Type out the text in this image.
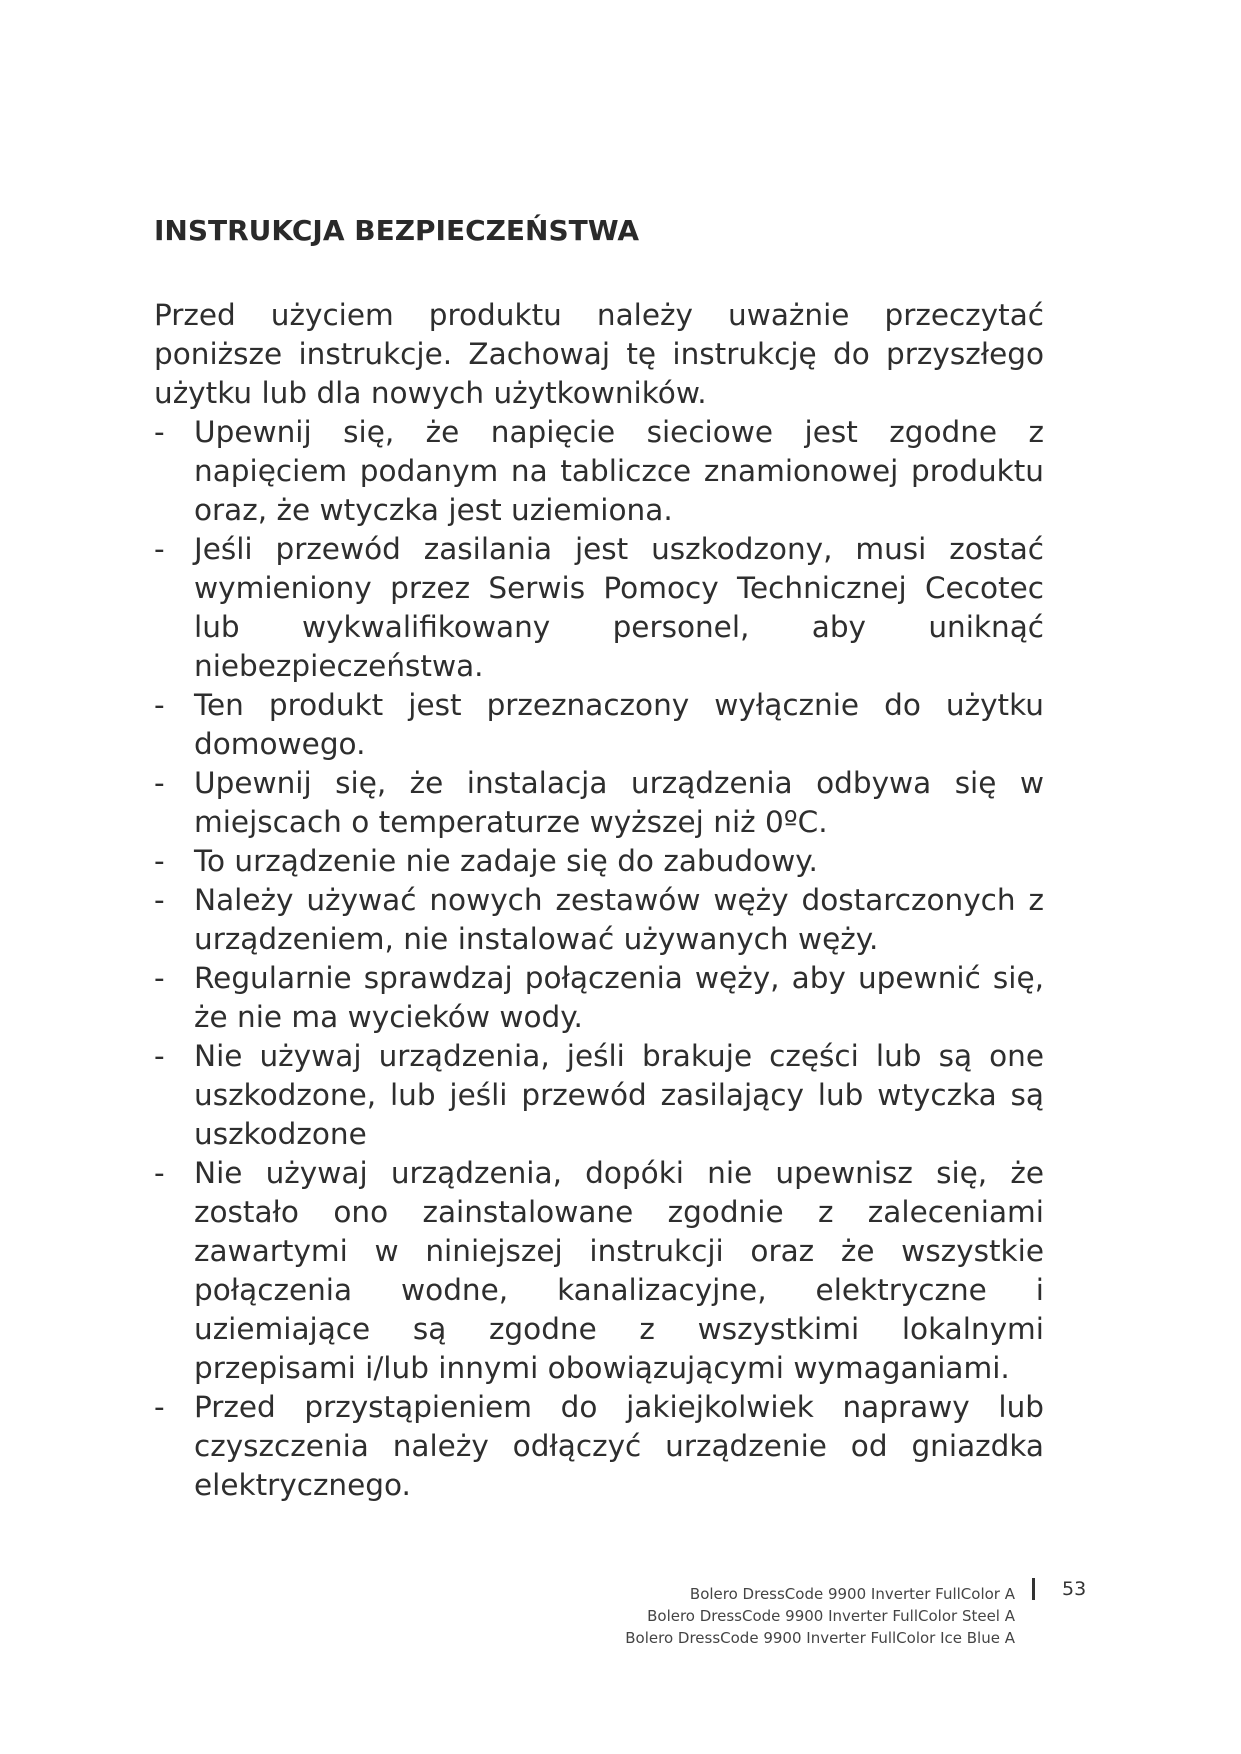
INSTRUKCJA BEZPIECZEŃSTWA

Przed użyciem produktu należy uważnie przeczytać poniższe instrukcje. Zachowaj tę instrukcję do przyszłego użytku lub dla nowych użytkowników.

- Upewnij się, że napięcie sieciowe jest zgodne z napięciem podanym na tabliczce znamionowej produktu oraz, że wtyczka jest uziemiona.
- Jeśli przewód zasilania jest uszkodzony, musi zostać wymieniony przez Serwis Pomocy Technicznej Cecotec lub wykwalifikowany personel, aby uniknąć niebezpieczeństwa.
- Ten produkt jest przeznaczony wyłącznie do użytku domowego.
- Upewnij się, że instalacja urządzenia odbywa się w miejscach o temperaturze wyższej niż 0ºC.
- To urządzenie nie zadaje się do zabudowy.
- Należy używać nowych zestawów węży dostarczonych z urządzeniem, nie instalować używanych węży.
- Regularnie sprawdzaj połączenia węży, aby upewnić się, że nie ma wycieków wody.
- Nie używaj urządzenia, jeśli brakuje części lub są one uszkodzone, lub jeśli przewód zasilający lub wtyczka są uszkodzone
- Nie używaj urządzenia, dopóki nie upewnisz się, że zostało ono zainstalowane zgodnie z zaleceniami zawartymi w niniejszej instrukcji oraz że wszystkie połączenia wodne, kanalizacyjne, elektryczne i uziemiające są zgodne z wszystkimi lokalnymi przepisami i/lub innymi obowiązującymi wymaganiami.
- Przed przystąpieniem do jakiejkolwiek naprawy lub czyszczenia należy odłączyć urządzenie od gniazdka elektrycznego.
Bolero DressCode 9900 Inverter FullColor A
Bolero DressCode 9900 Inverter FullColor Steel A
Bolero DressCode 9900 Inverter FullColor Ice Blue A
53
